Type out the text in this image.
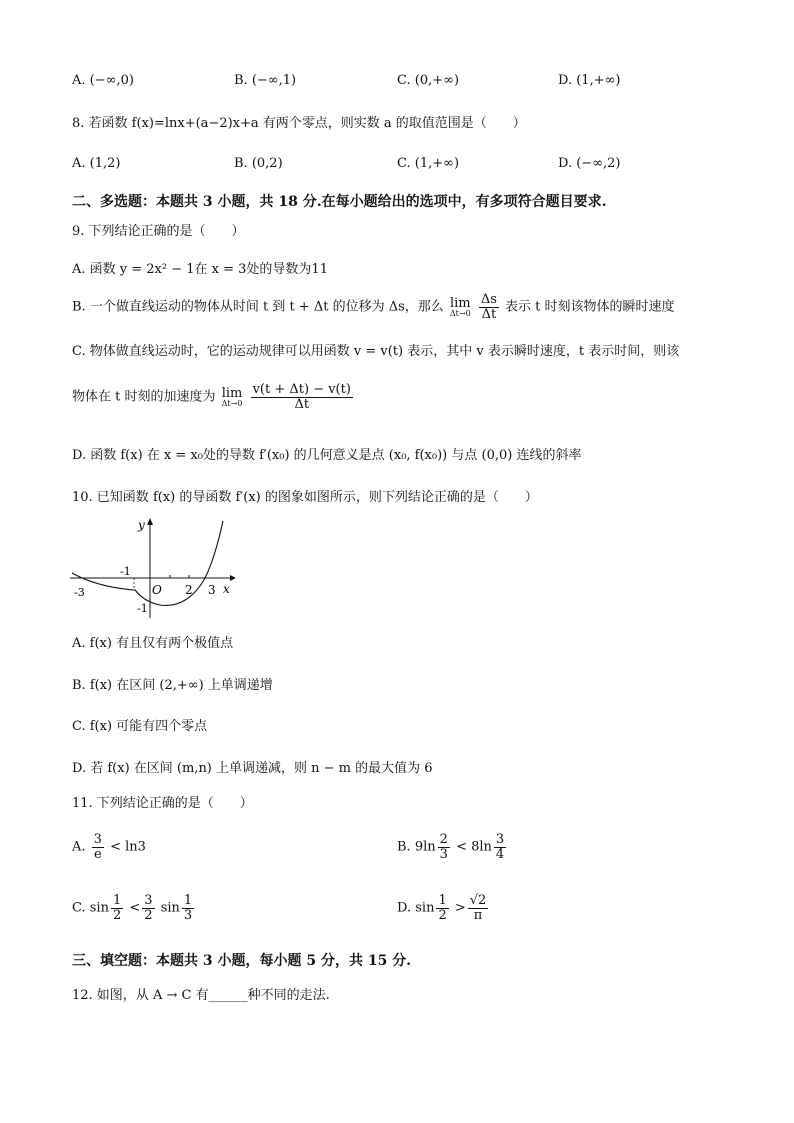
A. (−∞,0)	B. (−∞,1)	C. (0,+∞)	D. (1,+∞)
8. 若函数 f(x)=lnx+(a−2)x+a 有两个零点，则实数 a 的取值范围是（　　）
A. (1,2)	B. (0,2)	C. (1,+∞)	D. (−∞,2)
二、多选题：本题共 3 小题，共 18 分.在每小题给出的选项中，有多项符合题目要求.
9. 下列结论正确的是（　　）
A. 函数 y = 2x² − 1在 x = 3处的导数为11
B. 一个做直线运动的物体从时间 t 到 t + Δt 的位移为 Δs，那么 lim
Δt→0
$\frac{\Delta s}{\Delta t}$ 表示 t 时刻该物体的瞬时速度
C. 物体做直线运动时，它的运动规律可以用函数 v = v(t) 表示，其中 v 表示瞬时速度，t 表示时间，则该
物体在 t 时刻的加速度为 lim
Δt→0
$\frac{v(t + \Delta t) - v(t)}{\Delta t}$
D. 函数 f(x) 在 x = x₀处的导数 f′(x₀) 的几何意义是点 (x₀, f(x₀)) 与点 (0,0) 连线的斜率
10. 已知函数 f(x) 的导函数 f′(x) 的图象如图所示，则下列结论正确的是（　　）
y
x
O
-1
-1
-3	2 3
A. f(x) 有且仅有两个极值点
B. f(x) 在区间 (2,+∞) 上单调递增
C. f(x) 可能有四个零点
D. 若 f(x) 在区间 (m,n) 上单调递减，则 n − m 的最大值为 6
11. 下列结论正确的是（　　）
A. $\frac{3}{e} < \ln 3$	B. $9\ln \frac{2}{3} < 8\ln \frac{3}{4}$
C. $\sin \frac{1}{2} < \frac{3}{2}$ $\sin \frac{1}{3}$	D. $\sin \frac{1}{2} > \frac{√2}{\pi}$
三、填空题：本题共 3 小题，每小题 5 分，共 15 分.
12. 如图，从 A → C 有______种不同的走法.
